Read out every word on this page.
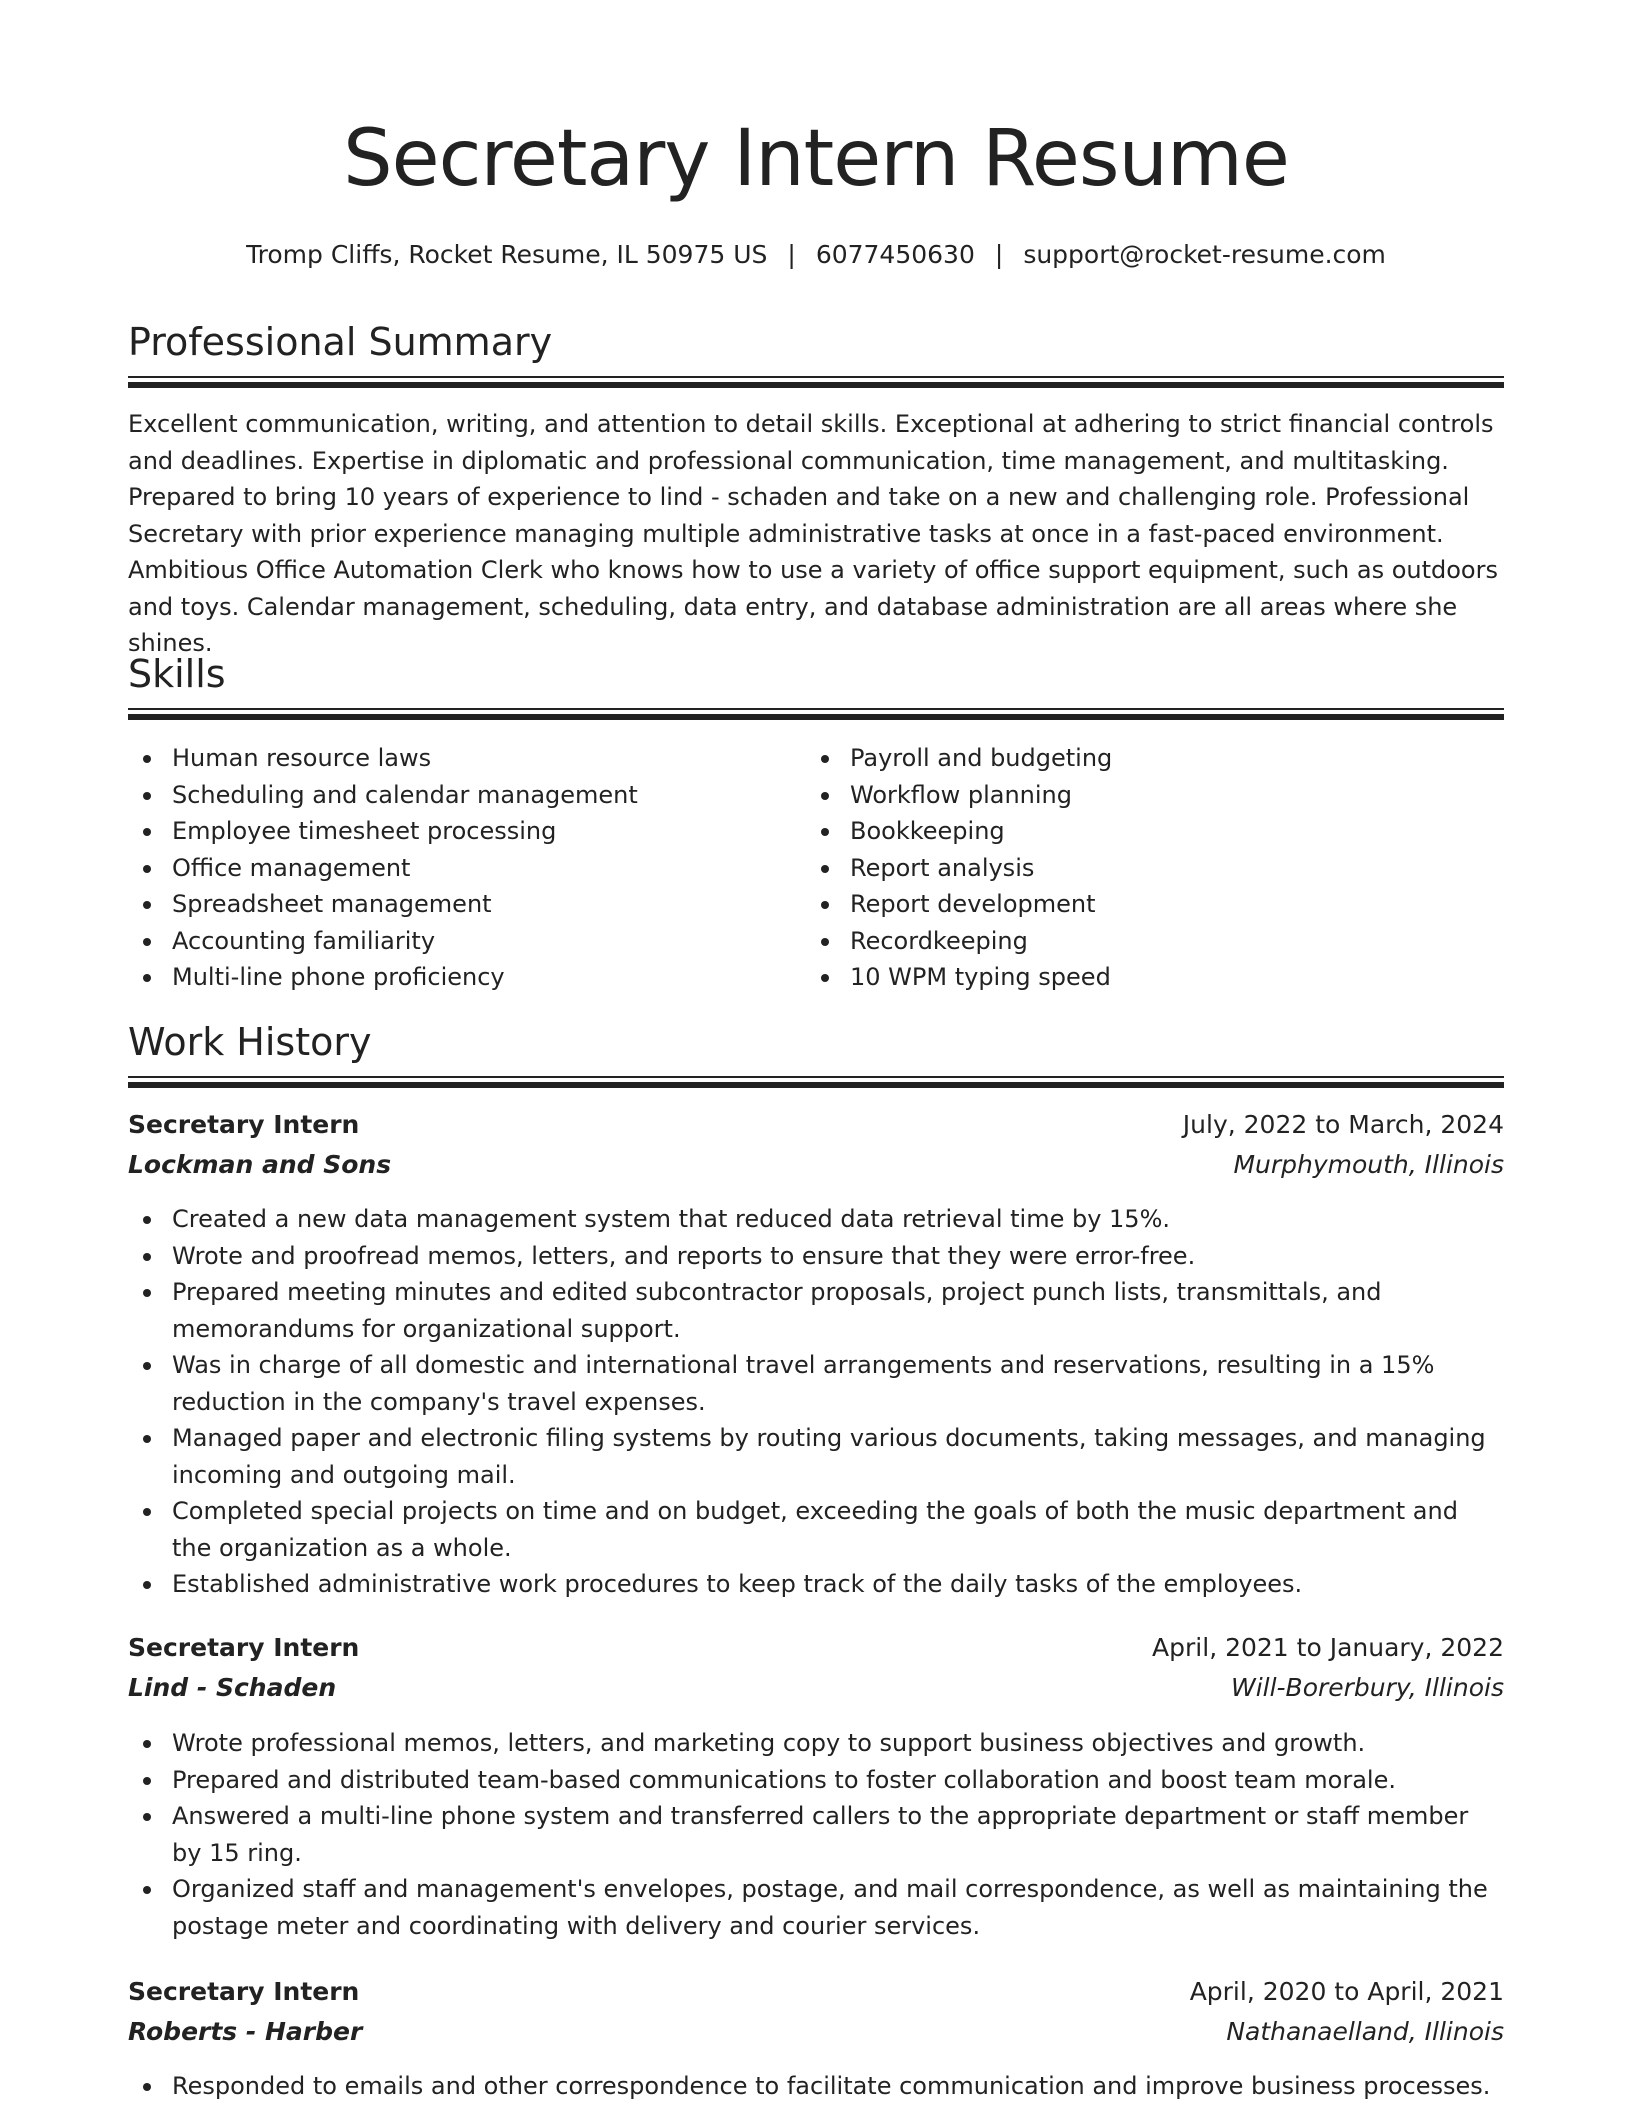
Secretary Intern Resume
Tromp Cliffs, Rocket Resume, IL 50975 US | 6077450630 | support@rocket-resume.com
Professional Summary

Excellent communication, writing, and attention to detail skills. Exceptional at adhering to strict financial controls and deadlines. Expertise in diplomatic and professional communication, time management, and multitasking. Prepared to bring 10 years of experience to lind - schaden and take on a new and challenging role. Professional Secretary with prior experience managing multiple administrative tasks at once in a fast-paced environment. Ambitious Office Automation Clerk who knows how to use a variety of office support equipment, such as outdoors and toys. Calendar management, scheduling, data entry, and database administration are all areas where she shines.

Skills
Human resource laws
Scheduling and calendar management
Employee timesheet processing
Office management
Spreadsheet management
Accounting familiarity
Multi-line phone proficiency
Payroll and budgeting
Workflow planning
Bookkeeping
Report analysis
Report development
Recordkeeping
10 WPM typing speed
Work History
Secretary Intern	July, 2022 to March, 2024
Lockman and Sons	Murphymouth, Illinois
Created a new data management system that reduced data retrieval time by 15%.
Wrote and proofread memos, letters, and reports to ensure that they were error-free.
Prepared meeting minutes and edited subcontractor proposals, project punch lists, transmittals, and memorandums for organizational support.
Was in charge of all domestic and international travel arrangements and reservations, resulting in a 15% reduction in the company's travel expenses.
Managed paper and electronic filing systems by routing various documents, taking messages, and managing incoming and outgoing mail.
Completed special projects on time and on budget, exceeding the goals of both the music department and the organization as a whole.
Established administrative work procedures to keep track of the daily tasks of the employees.
Secretary Intern	April, 2021 to January, 2022
Lind - Schaden	Will-Borerbury, Illinois
Wrote professional memos, letters, and marketing copy to support business objectives and growth.
Prepared and distributed team-based communications to foster collaboration and boost team morale.
Answered a multi-line phone system and transferred callers to the appropriate department or staff member by 15 ring.
Organized staff and management's envelopes, postage, and mail correspondence, as well as maintaining the postage meter and coordinating with delivery and courier services.
Secretary Intern	April, 2020 to April, 2021
Roberts - Harber	Nathanaelland, Illinois
Responded to emails and other correspondence to facilitate communication and improve business processes.
